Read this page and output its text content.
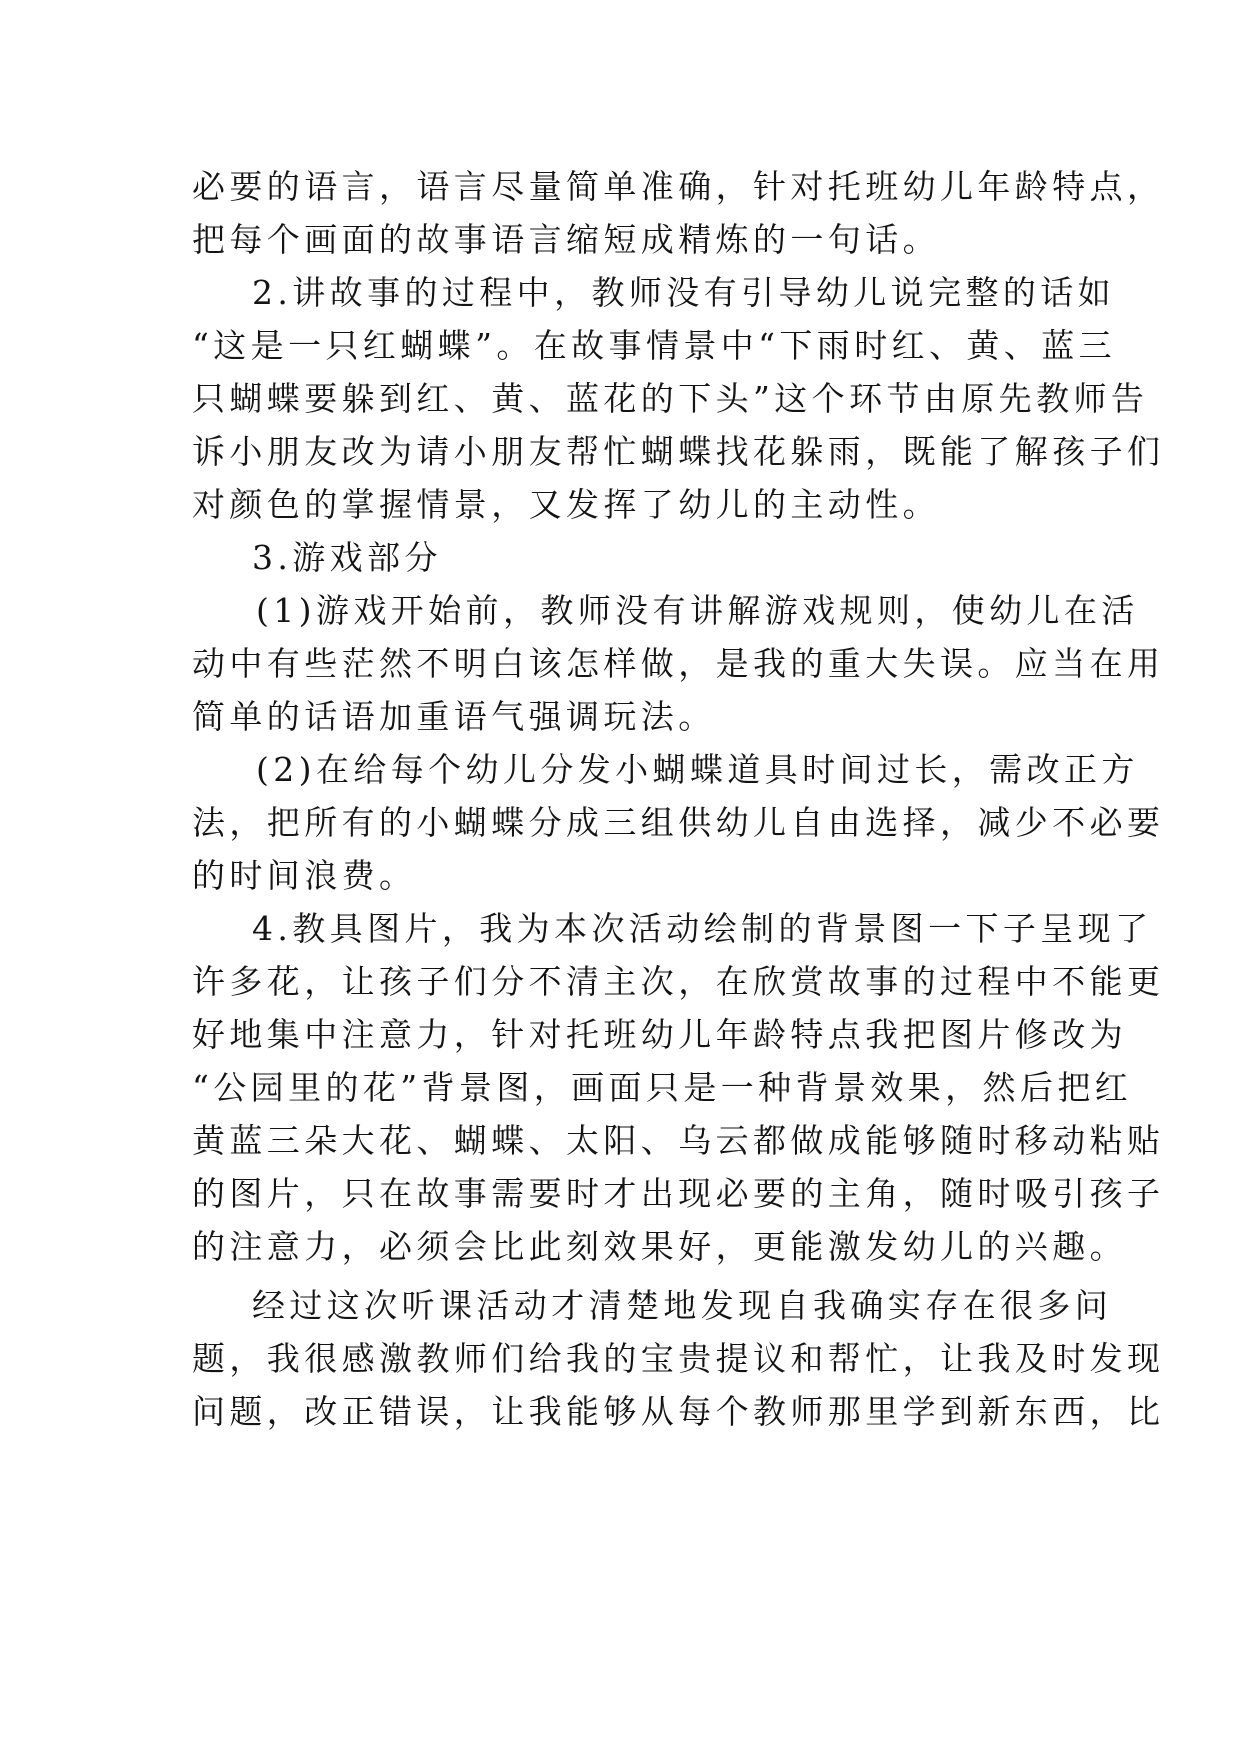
必要的语言，语言尽量简单准确，针对托班幼儿年龄特点，
把每个画面的故事语言缩短成精炼的一句话。
2.讲故事的过程中，教师没有引导幼儿说完整的话如
“这是一只红蝴蝶”。在故事情景中“下雨时红、黄、蓝三
只蝴蝶要躲到红、黄、蓝花的下头”这个环节由原先教师告
诉小朋友改为请小朋友帮忙蝴蝶找花躲雨，既能了解孩子们
对颜色的掌握情景，又发挥了幼儿的主动性。
3.游戏部分
(1)游戏开始前，教师没有讲解游戏规则，使幼儿在活
动中有些茫然不明白该怎样做，是我的重大失误。应当在用
简单的话语加重语气强调玩法。
(2)在给每个幼儿分发小蝴蝶道具时间过长，需改正方
法，把所有的小蝴蝶分成三组供幼儿自由选择，减少不必要
的时间浪费。
4.教具图片，我为本次活动绘制的背景图一下子呈现了
许多花，让孩子们分不清主次，在欣赏故事的过程中不能更
好地集中注意力，针对托班幼儿年龄特点我把图片修改为
“公园里的花”背景图，画面只是一种背景效果，然后把红
黄蓝三朵大花、蝴蝶、太阳、乌云都做成能够随时移动粘贴
的图片，只在故事需要时才出现必要的主角，随时吸引孩子
的注意力，必须会比此刻效果好，更能激发幼儿的兴趣。
经过这次听课活动才清楚地发现自我确实存在很多问
题，我很感激教师们给我的宝贵提议和帮忙，让我及时发现
问题，改正错误，让我能够从每个教师那里学到新东西，比
